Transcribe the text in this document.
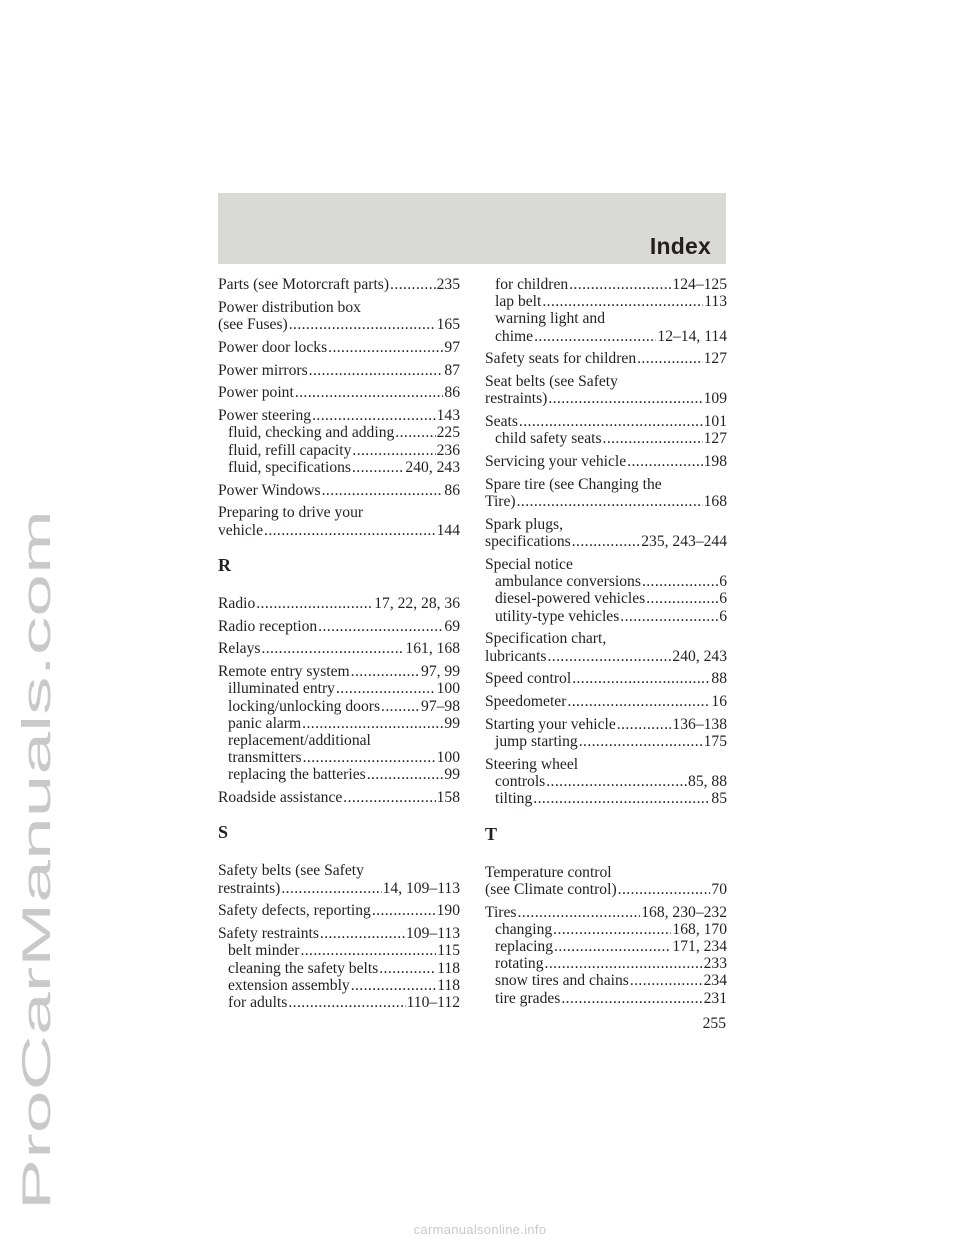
ProCarManuals.com
Index
Parts (see Motorcraft parts) .....	235
Power distribution box
(see Fuses) .....	165
Power door locks .....	97
Power mirrors .....	87
Power point .....	86
Power steering .....	143
fluid, checking and adding .....	225
fluid, refill capacity .....	236
fluid, specifications .....	240, 243
Power Windows .....	86
Preparing to drive your
vehicle .....	144
R
Radio .....	17, 22, 28, 36
Radio reception .....	69
Relays .....	161, 168
Remote entry system .....	97, 99
illuminated entry .....	100
locking/unlocking doors .....	97–98
panic alarm .....	99
replacement/additional
transmitters .....	100
replacing the batteries .....	99
Roadside assistance .....	158
S
Safety belts (see Safety
restraints) .....	14, 109–113
Safety defects, reporting .....	190
Safety restraints .....	109–113
belt minder .....	115
cleaning the safety belts .....	118
extension assembly .....	118
for adults .....	110–112
for children .....	124–125
lap belt .....	113
warning light and
chime .....	12–14, 114
Safety seats for children .....	127
Seat belts (see Safety
restraints) .....	109
Seats .....	101
child safety seats .....	127
Servicing your vehicle .....	198
Spare tire (see Changing the
Tire) .....	168
Spark plugs,
specifications .....	235, 243–244
Special notice
ambulance conversions .....	6
diesel-powered vehicles .....	6
utility-type vehicles .....	6
Specification chart,
lubricants .....	240, 243
Speed control .....	88
Speedometer .....	16
Starting your vehicle .....	136–138
jump starting .....	175
Steering wheel
controls .....	85, 88
tilting .....	85
T
Temperature control
(see Climate control) .....	70
Tires .....	168, 230–232
changing .....	168, 170
replacing .....	171, 234
rotating .....	233
snow tires and chains .....	234
tire grades .....	231
255
carmanualsonline.info
